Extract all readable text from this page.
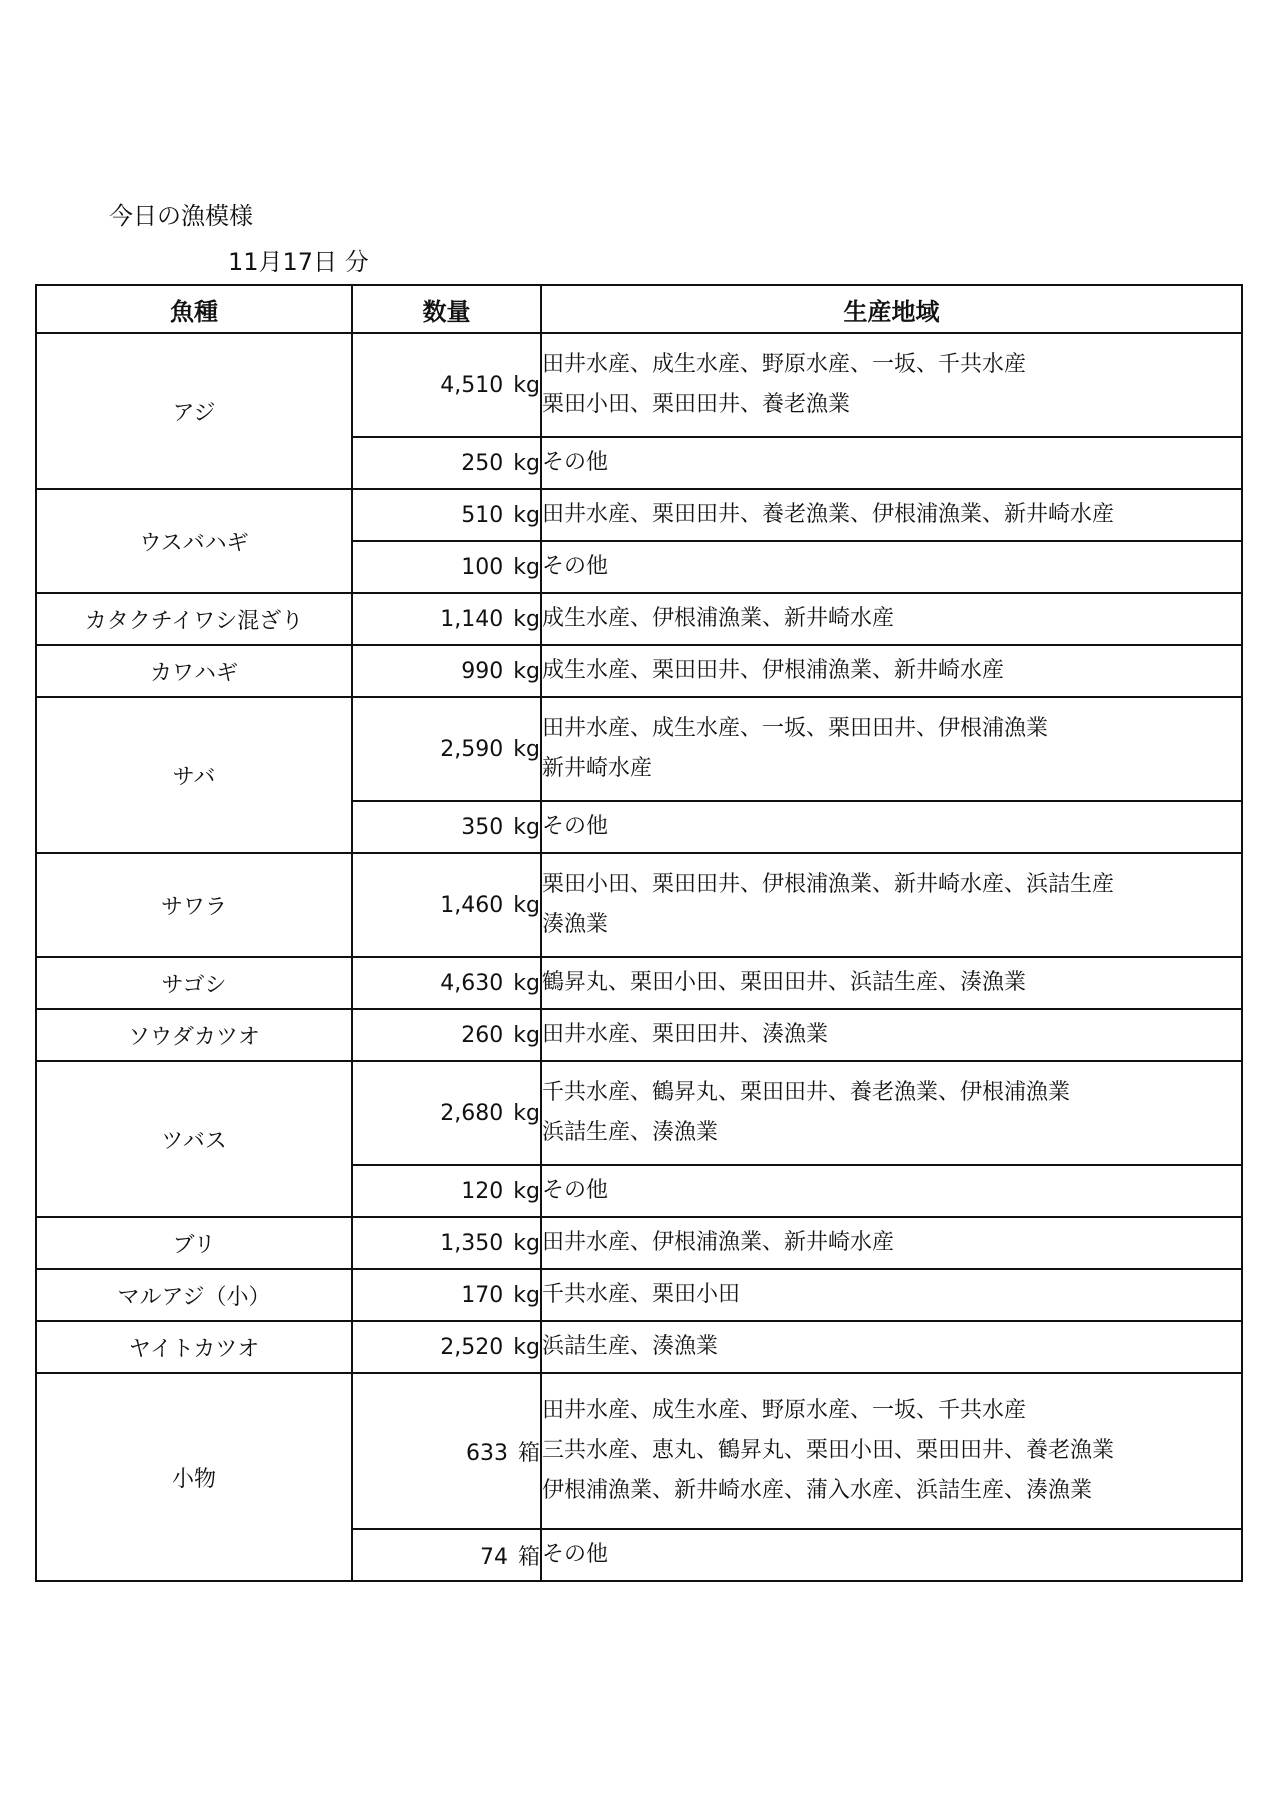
今日の漁模様
11月17日 分
魚種	数量	生産地域
アジ	4,510 kg	田井水産、成生水産、野原水産、一坂、千共水産
栗田小田、栗田田井、養老漁業

	250 kg	その他

ウスバハギ	510 kg	田井水産、栗田田井、養老漁業、伊根浦漁業、新井崎水産

	100 kg	その他

カタクチイワシ混ざり	1,140 kg	成生水産、伊根浦漁業、新井崎水産

カワハギ	990 kg	成生水産、栗田田井、伊根浦漁業、新井崎水産

サバ	2,590 kg	田井水産、成生水産、一坂、栗田田井、伊根浦漁業
新井崎水産

	350 kg	その他

サワラ	1,460 kg	栗田小田、栗田田井、伊根浦漁業、新井崎水産、浜詰生産
湊漁業

サゴシ	4,630 kg	鶴昇丸、栗田小田、栗田田井、浜詰生産、湊漁業

ソウダカツオ	260 kg	田井水産、栗田田井、湊漁業

ツバス	2,680 kg	千共水産、鶴昇丸、栗田田井、養老漁業、伊根浦漁業
浜詰生産、湊漁業

	120 kg	その他

ブリ	1,350 kg	田井水産、伊根浦漁業、新井崎水産

マルアジ（小）	170 kg	千共水産、栗田小田

ヤイトカツオ	2,520 kg	浜詰生産、湊漁業

小物	633 箱	田井水産、成生水産、野原水産、一坂、千共水産
三共水産、恵丸、鶴昇丸、栗田小田、栗田田井、養老漁業
伊根浦漁業、新井崎水産、蒲入水産、浜詰生産、湊漁業

	74 箱	その他
